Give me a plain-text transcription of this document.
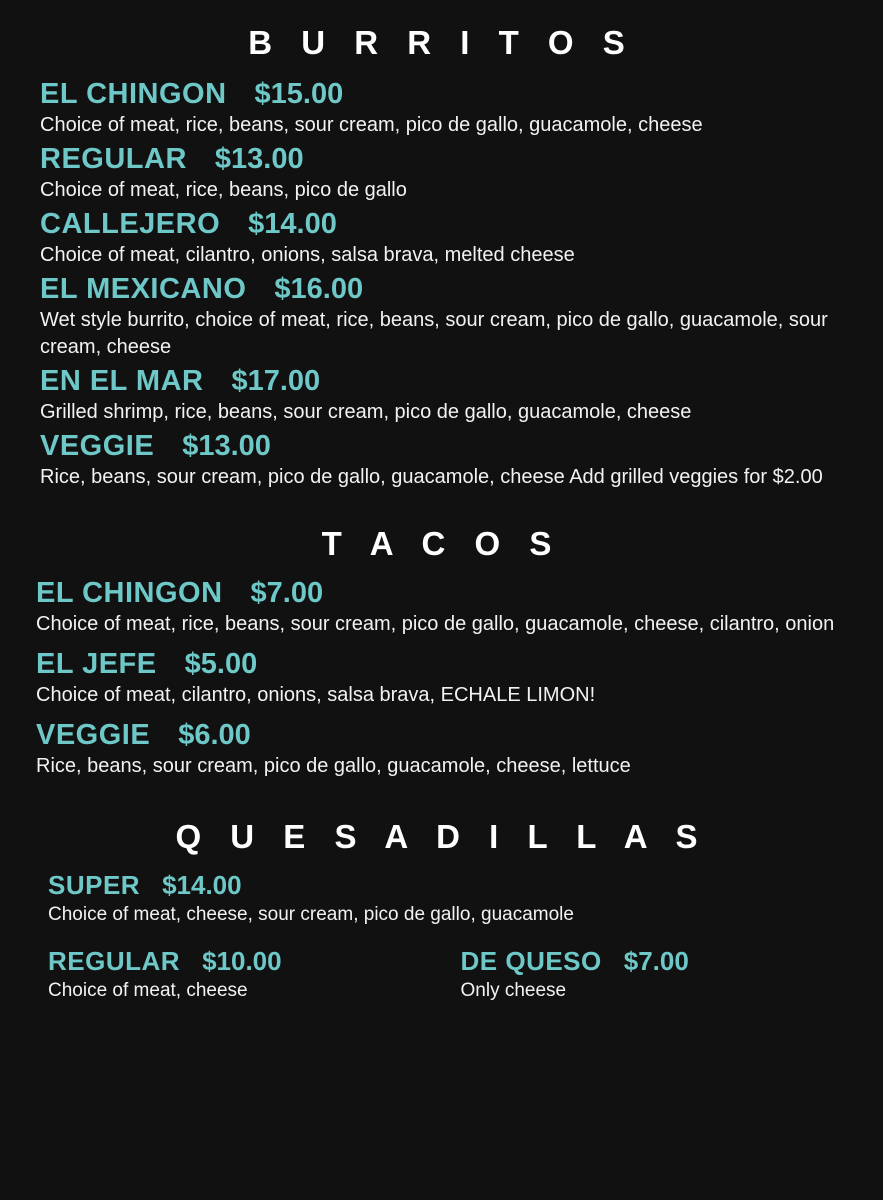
B U R R I T O S
EL CHINGON $15.00

Choice of meat, rice, beans, sour cream, pico de gallo, guacamole, cheese

REGULAR $13.00

Choice of meat, rice, beans, pico de gallo

CALLEJERO $14.00

Choice of meat, cilantro, onions, salsa brava, melted cheese

EL MEXICANO $16.00

Wet style burrito, choice of meat, rice, beans, sour cream, pico de gallo, guacamole, sour cream, cheese

EN EL MAR $17.00

Grilled shrimp, rice, beans, sour cream, pico de gallo, guacamole, cheese

VEGGIE $13.00

Rice, beans, sour cream, pico de gallo, guacamole, cheese Add grilled veggies for $2.00

T A C O S
EL CHINGON $7.00

Choice of meat, rice, beans, sour cream, pico de gallo, guacamole, cheese, cilantro, onion

EL JEFE $5.00

Choice of meat, cilantro, onions, salsa brava, ECHALE LIMON!

VEGGIE $6.00

Rice, beans, sour cream, pico de gallo, guacamole, cheese, lettuce

Q U E S A D I L L A S
SUPER $14.00

Choice of meat, cheese, sour cream, pico de gallo, guacamole

REGULAR $10.00

Choice of meat, cheese

DE QUESO $7.00

Only cheese
